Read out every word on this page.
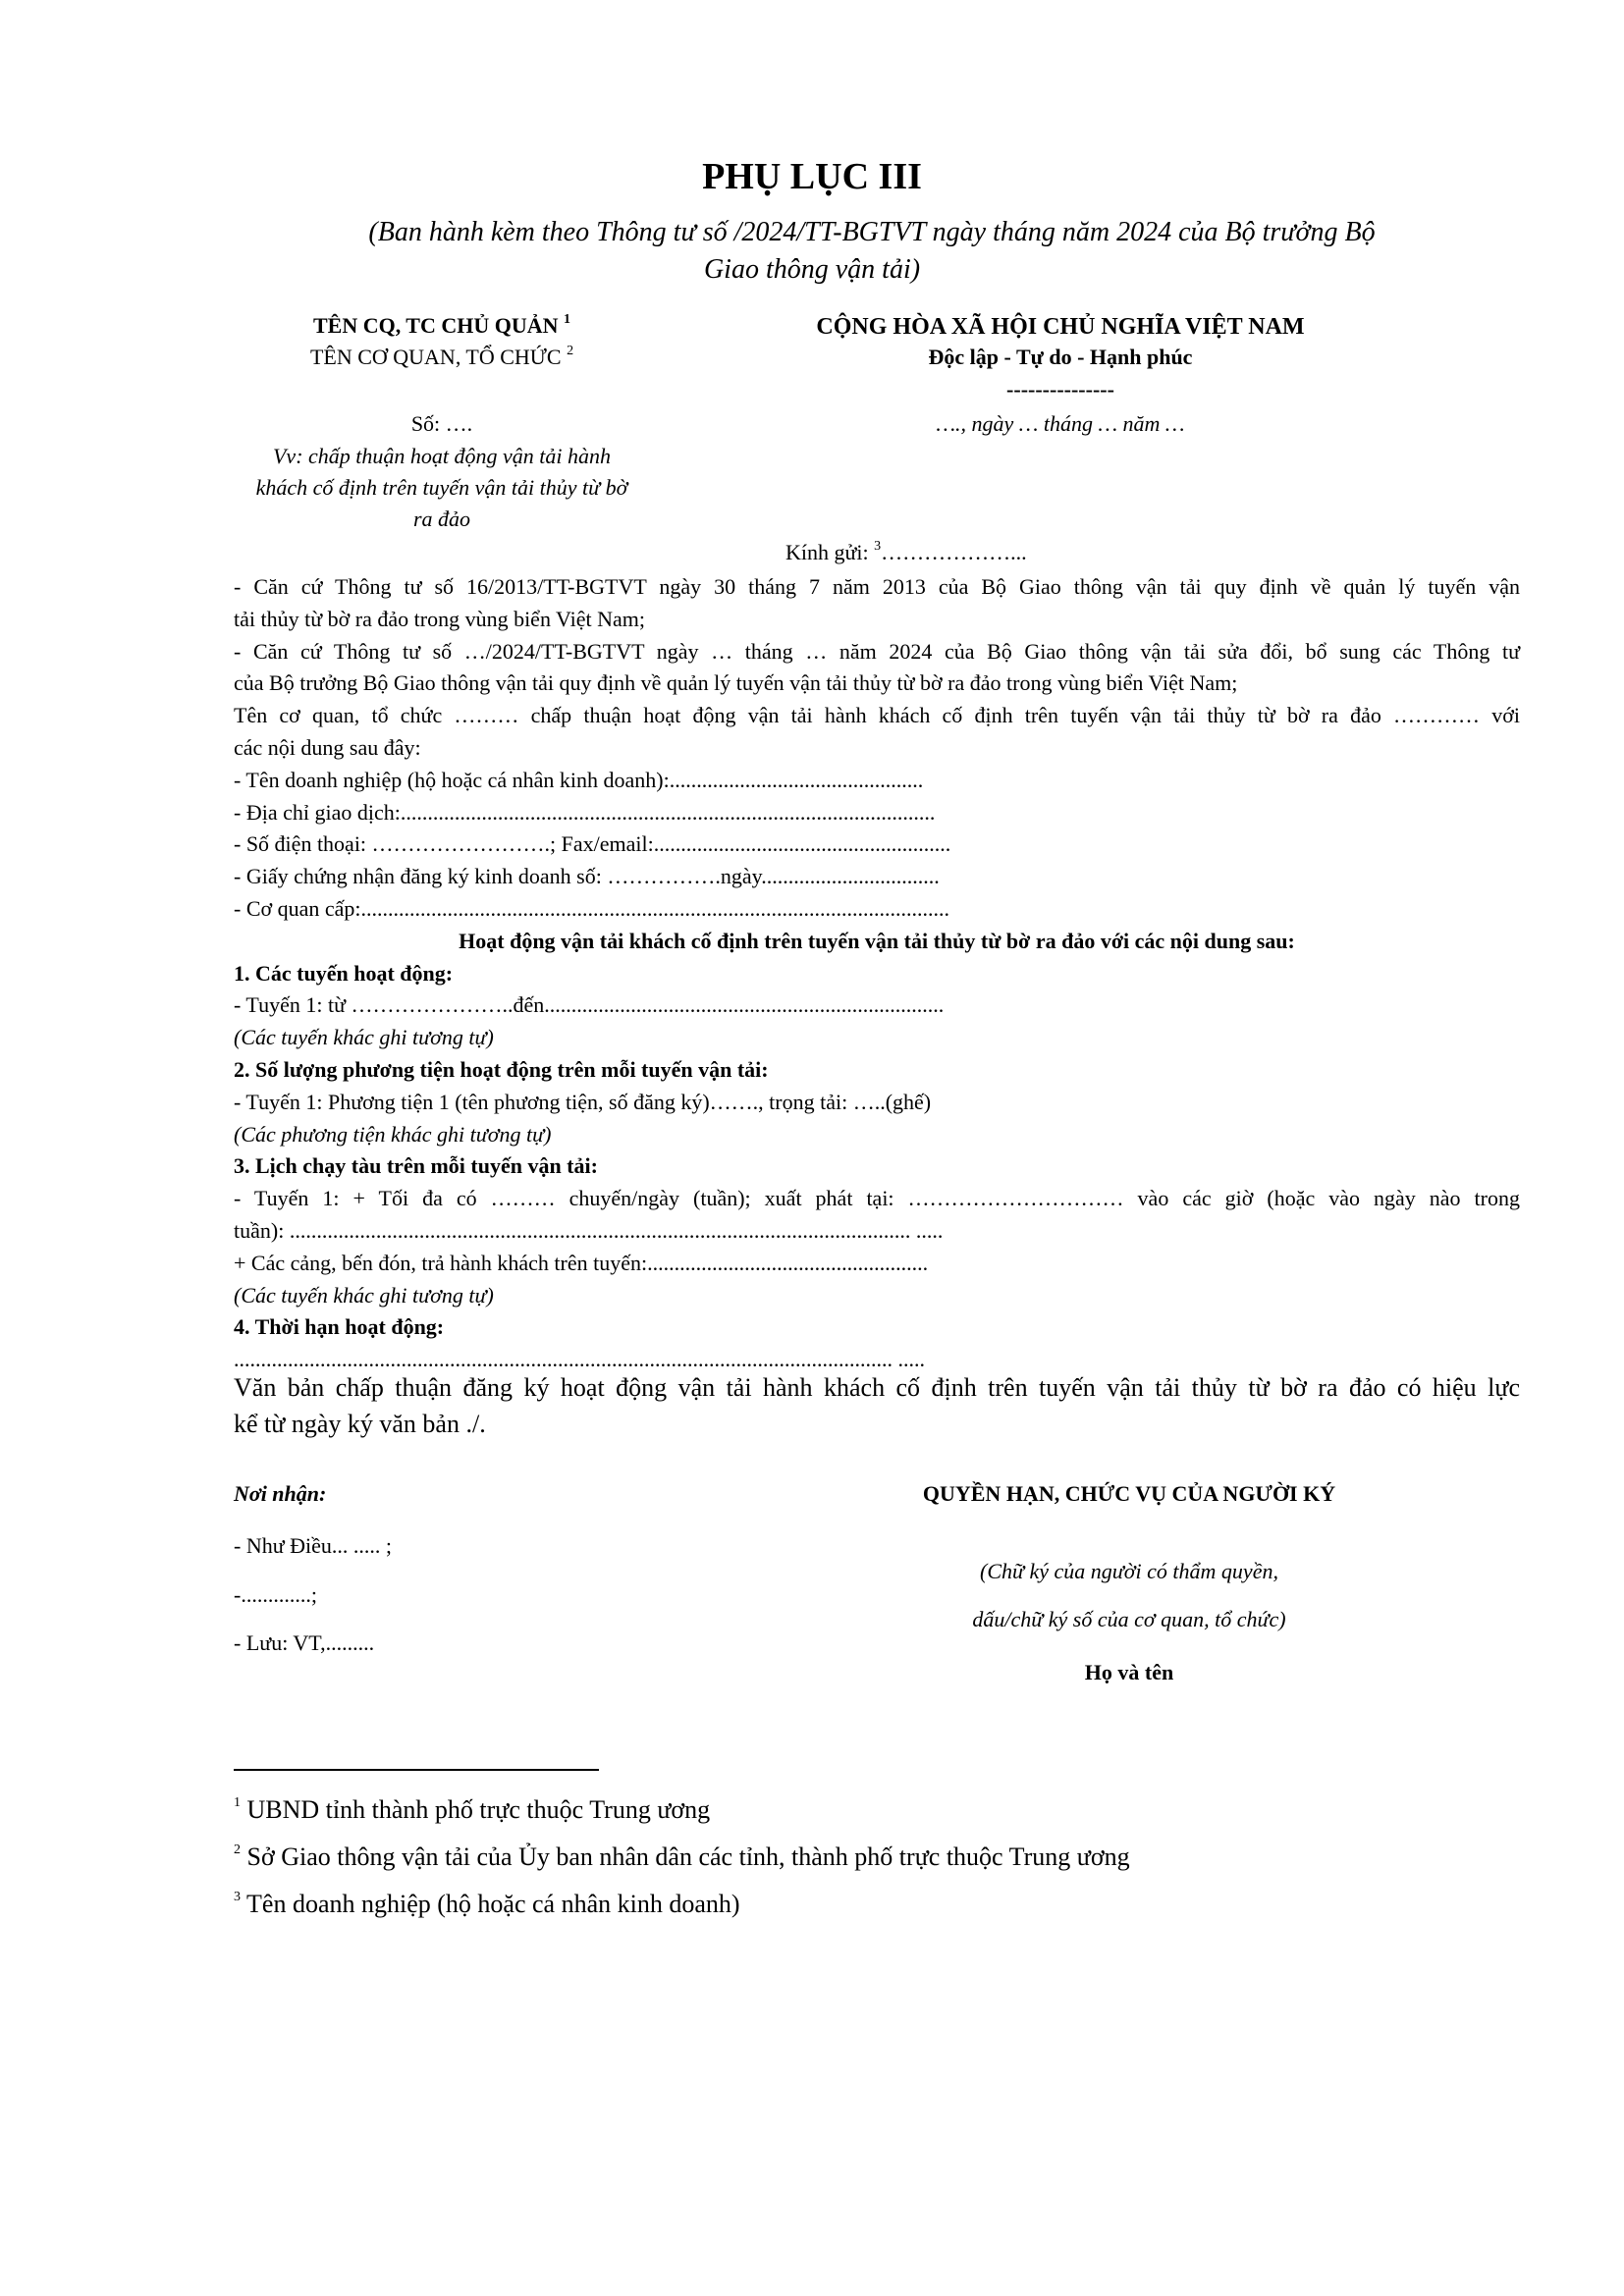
PHỤ LỤC III
(Ban hành kèm theo Thông tư số /2024/TT-BGTVT ngày tháng năm 2024 của Bộ trưởng Bộ
Giao thông vận tải)
TÊN CQ, TC CHỦ QUẢN $^1$
TÊN CƠ QUAN, TỔ CHỨC $^2$
Số: ….
Vv: chấp thuận hoạt động vận tải hành
khách cố định trên tuyến vận tải thủy từ bờ
ra đảo
CỘNG HÒA XÃ HỘI CHỦ NGHĨA VIỆT NAM
Độc lập - Tự do - Hạnh phúc
---------------
…., ngày … tháng … năm …
Kính gửi: $^3$………………...
- Căn cứ Thông tư số 16/2013/TT-BGTVT ngày 30 tháng 7 năm 2013 của Bộ Giao thông vận tải quy định về quản lý tuyến vận
tải thủy từ bờ ra đảo trong vùng biển Việt Nam;
- Căn cứ Thông tư số …/2024/TT-BGTVT ngày … tháng … năm 2024 của Bộ Giao thông vận tải sửa đổi, bổ sung các Thông tư
của Bộ trưởng Bộ Giao thông vận tải quy định về quản lý tuyến vận tải thủy từ bờ ra đảo trong vùng biển Việt Nam;
Tên cơ quan, tổ chức ……… chấp thuận hoạt động vận tải hành khách cố định trên tuyến vận tải thủy từ bờ ra đảo ………… với
các nội dung sau đây:
- Tên doanh nghiệp (hộ hoặc cá nhân kinh doanh):...............................................
- Địa chỉ giao dịch:...................................................................................................
- Số điện thoại: …………………….; Fax/email:.......................................................
- Giấy chứng nhận đăng ký kinh doanh số: …………….ngày.................................
- Cơ quan cấp:.............................................................................................................
Hoạt động vận tải khách cố định trên tuyến vận tải thủy từ bờ ra đảo với các nội dung sau:
1. Các tuyến hoạt động:
- Tuyến 1: từ …………………..đến..........................................................................
(Các tuyến khác ghi tương tự)
2. Số lượng phương tiện hoạt động trên mỗi tuyến vận tải:
- Tuyến 1: Phương tiện 1 (tên phương tiện, số đăng ký)……., trọng tải: …..(ghế)
(Các phương tiện khác ghi tương tự)
3. Lịch chạy tàu trên mỗi tuyến vận tải:
- Tuyến 1: + Tối đa có ……… chuyến/ngày (tuần); xuất phát tại: ………………………… vào các giờ (hoặc vào ngày nào trong
tuần): ................................................................................................................... .....
+ Các cảng, bến đón, trả hành khách trên tuyến:....................................................
(Các tuyến khác ghi tương tự)
4. Thời hạn hoạt động:
.......................................................................................................................... .....
Văn bản chấp thuận đăng ký hoạt động vận tải hành khách cố định trên tuyến vận tải thủy từ bờ ra đảo có hiệu lực
kể từ ngày ký văn bản ./.
Nơi nhận:
- Như Điều... ..... ;
-.............;
- Lưu: VT,.........
QUYỀN HẠN, CHỨC VỤ CỦA NGƯỜI KÝ
(Chữ ký của người có thẩm quyền,
dấu/chữ ký số của cơ quan, tổ chức)
Họ và tên
$^1$ UBND tỉnh thành phố trực thuộc Trung ương
$^2$ Sở Giao thông vận tải của Ủy ban nhân dân các tỉnh, thành phố trực thuộc Trung ương
$^3$ Tên doanh nghiệp (hộ hoặc cá nhân kinh doanh)
